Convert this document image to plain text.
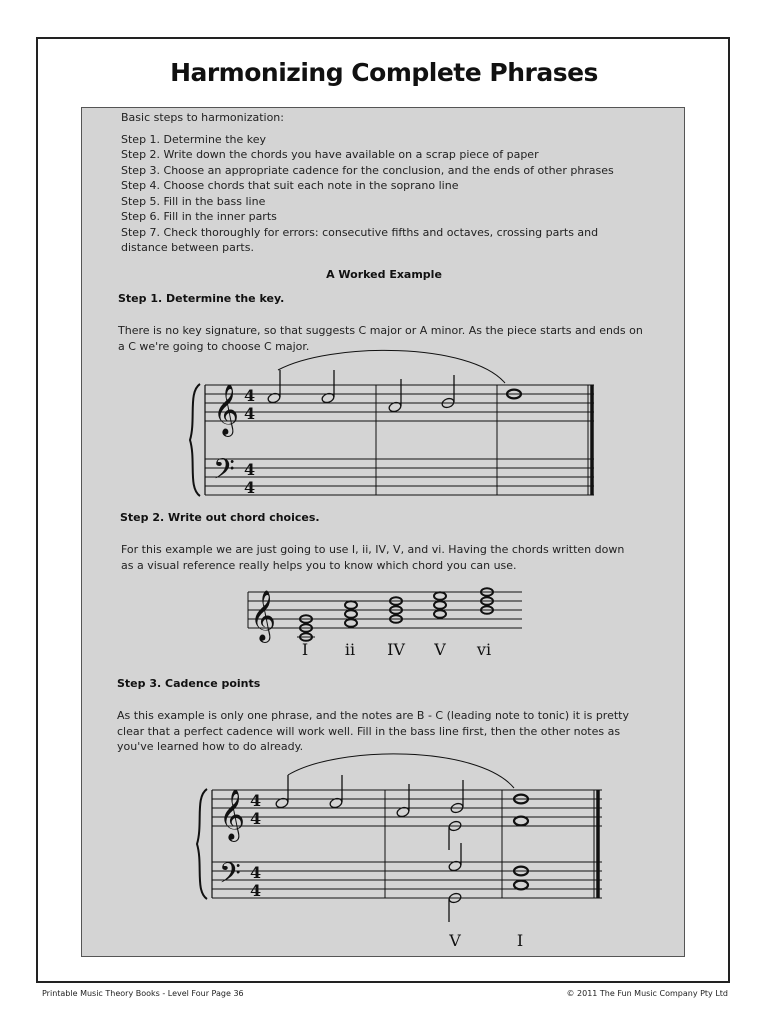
Harmonizing Complete Phrases
Basic steps to harmonization:
Step 1. Determine the key
Step 2. Write down the chords you have available on a scrap piece of paper
Step 3. Choose an appropriate cadence for the conclusion, and the ends of other phrases
Step 4. Choose chords that suit each note in the soprano line
Step 5. Fill in the bass line
Step 6. Fill in the inner parts
Step 7. Check thoroughly for errors: consecutive fifths and octaves, crossing parts and
distance between parts.
A Worked Example
Step 1. Determine the key.
There is no key signature, so that suggests C major or A minor. As the piece starts and ends on
a C we're going to choose C major.
Step 2. Write out chord choices.
For this example we are just going to use I, ii, IV, V, and vi. Having the chords written down
as a visual reference really helps you to know which chord you can use.
Step 3. Cadence points
As this example is only one phrase, and the notes are B - C (leading note to tonic) it is pretty
clear that a perfect cadence will work well. Fill in the bass line first, then the other notes as
you've learned how to do already.
𝄞
𝄢
4
4
4
4
𝄞
I ii IV V vi
𝄞
𝄢
4
4
4
4
V	I
Printable Music Theory Books - Level Four Page 36	© 2011 The Fun Music Company Pty Ltd
